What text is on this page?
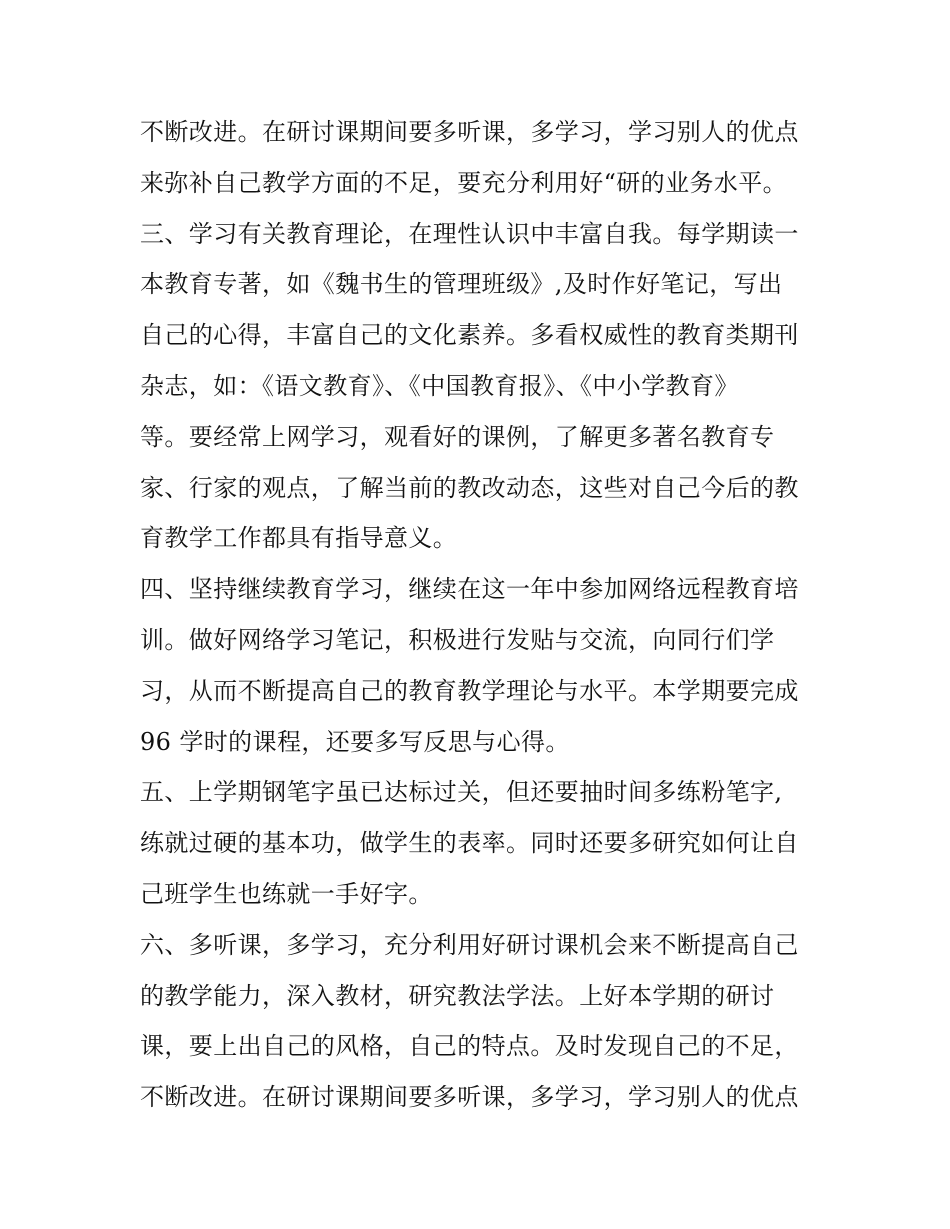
不断改进。在研讨课期间要多听课，多学习，学习别人的优点
来弥补自己教学方面的不足，要充分利用好“研的业务水平。
三、学习有关教育理论，在理性认识中丰富自我。每学期读一
本教育专著，如《魏书生的管理班级》,及时作好笔记，写出
自己的心得，丰富自己的文化素养。多看权威性的教育类期刊
杂志，如：《语文教育》、《中国教育报》、《中小学教育》
等。要经常上网学习，观看好的课例，了解更多著名教育专
家、行家的观点，了解当前的教改动态，这些对自己今后的教
育教学工作都具有指导意义。
四、坚持继续教育学习，继续在这一年中参加网络远程教育培
训。做好网络学习笔记，积极进行发贴与交流，向同行们学
习，从而不断提高自己的教育教学理论与水平。本学期要完成
96 学时的课程，还要多写反思与心得。
五、上学期钢笔字虽已达标过关，但还要抽时间多练粉笔字,
练就过硬的基本功，做学生的表率。同时还要多研究如何让自
己班学生也练就一手好字。
六、多听课，多学习，充分利用好研讨课机会来不断提高自己
的教学能力，深入教材，研究教法学法。上好本学期的研讨
课，要上出自己的风格，自己的特点。及时发现自己的不足，
不断改进。在研讨课期间要多听课，多学习，学习别人的优点
